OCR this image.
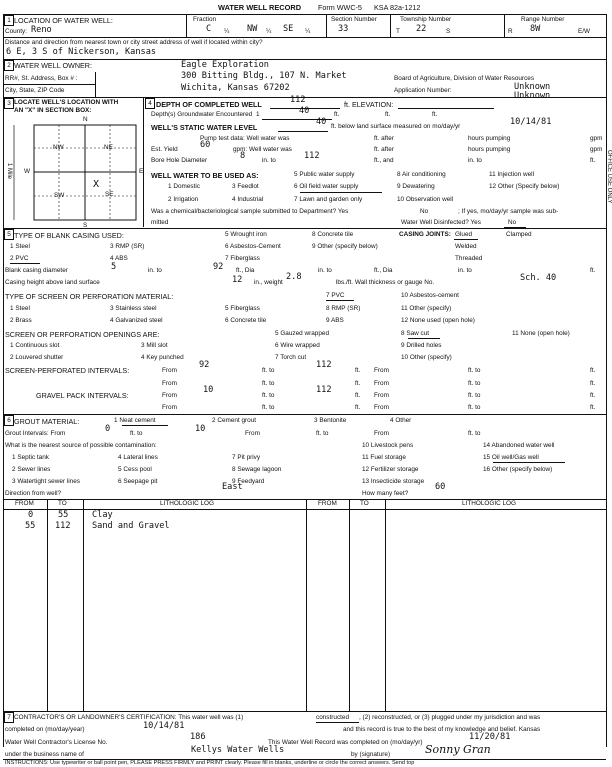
WATER WELL RECORD Form WWC-5 KSA 82a-1212
1 LOCATION OF WATER WELL:
County: Reno
Fraction
C ¼ NW ¼ SE ¼
Section Number
33
Township Number
T 22	S
Range Number
R 8W	E/W
Distance and direction from nearest town or city street address of well if located within city?
6 E, 3 S of Nickerson, Kansas
2 WATER WELL OWNER:	Eagle Exploration
RR#, St. Address, Box # :	300 Bitting Bldg., 107 N. Market
City, State, ZIP Code	Wichita, Kansas 67202
Board of Agriculture, Division of Water Resources
Application Number:	Unknown
Unknown
3 LOCATE WELL'S LOCATION WITH
AN "X" IN SECTION BOX:
N
S
W	E
NW	NE
SW	SE
X
1 Mile
4 DEPTH OF COMPLETED WELL	112	ft. ELEVATION:
Depth(s) Groundwater Encountered 1	40	ft.	ft.	ft.
WELL'S STATIC WATER LEVEL
40 ft. below land surface measured on mo/day/yr	10/14/81
Pump test data: Well water was	ft. after	hours pumping	gpm
Est. Yield	60	gpm: Well water was	ft. after	hours pumping	gpm
Bore Hole Diameter	8	in. to	112	ft., and	in. to	ft.
WELL WATER TO BE USED AS:	5 Public water supply	8 Air conditioning	11 Injection well
1 Domestic	3 Feedlot	6 Oil field water supply	9 Dewatering	12 Other (Specify below)
2 Irrigation	4 Industrial	7 Lawn and garden only	10 Observation well
Was a chemical/bacteriological sample submitted to Department? Yes	No	; If yes, mo/day/yr sample was sub-
mitted	Water Well Disinfected? Yes	No
5 TYPE OF BLANK CASING USED:	5 Wrought iron	8 Concrete tile	CASING JOINTS: Glued	Clamped
1 Steel	3 RMP (SR)	6 Asbestos-Cement	9 Other (specify below)	Welded
2 PVC	4 ABS	7 Fiberglass	Threaded
Blank casing diameter	5	in. to	92 ft., Dia	in. to	ft., Dia	in. to	ft.
Casing height above land surface	12 in., weight
2.8
lbs./ft. Wall thickness or gauge No.	Sch. 40
TYPE OF SCREEN OR PERFORATION MATERIAL:	7 PVC	10 Asbestos-cement
1 Steel	3 Stainless steel	5 Fiberglass	8 RMP (SR)	11 Other (specify)
2 Brass	4 Galvanized steel	6 Concrete tile	9 ABS	12 None used (open hole)
SCREEN OR PERFORATION OPENINGS ARE:	5 Gauzed wrapped	8 Saw cut	11 None (open hole)
1 Continuous slot	3 Mill slot	6 Wire wrapped	9 Drilled holes
2 Louvered shutter	4 Key punched	7 Torch cut	10 Other (specify)
SCREEN-PERFORATED INTERVALS:	From
92
ft. to
112
ft. From	ft. to	ft.
From	ft. to	ft. From	ft. to	ft.
GRAVEL PACK INTERVALS:	From
10
ft. to
112
ft. From	ft. to	ft.
From	ft. to	ft. From	ft. to	ft.
6 GROUT MATERIAL:	1 Neat cement	2 Cement grout	3 Bentonite	4 Other
Grout Intervals: From	0	ft. to	10	From	ft. to	From	ft. to
What is the nearest source of possible contamination:	10 Livestock pens	14 Abandoned water well
1 Septic tank	4 Lateral lines	7 Pit privy	11 Fuel storage	15 Oil well/Gas well
2 Sewer lines	5 Cess pool	8 Sewage lagoon	12 Fertilizer storage	16 Other (specify below)
3 Watertight sewer lines	6 Seepage pit	9 Feedyard	13 Insecticide storage
Direction from well?
East
How many feet?
60
FROM	TO	LITHOLOGIC LOG	FROM	TO	LITHOLOGIC LOG
0	55	Clay
55 112 Sand and Gravel
7 CONTRACTOR'S OR LANDOWNER'S CERTIFICATION: This water well was (1)	constructed , (2) reconstructed, or (3) plugged under my jurisdiction and was
completed on (mo/day/year)	10/14/81	and this record is true to the best of my knowledge and belief. Kansas
Water Well Contractor's License No.
186
This Water Well Record was completed on (mo/day/yr)
11/20/81
under the business name of	Kellys Water Wells	by (signature)	Sonny Gran
INSTRUCTIONS: Use typewriter or ball point pen, PLEASE PRESS FIRMLY and PRINT clearly. Please fill in blanks, underline or circle the correct answers. Send top
OFFICE USE ONLY
